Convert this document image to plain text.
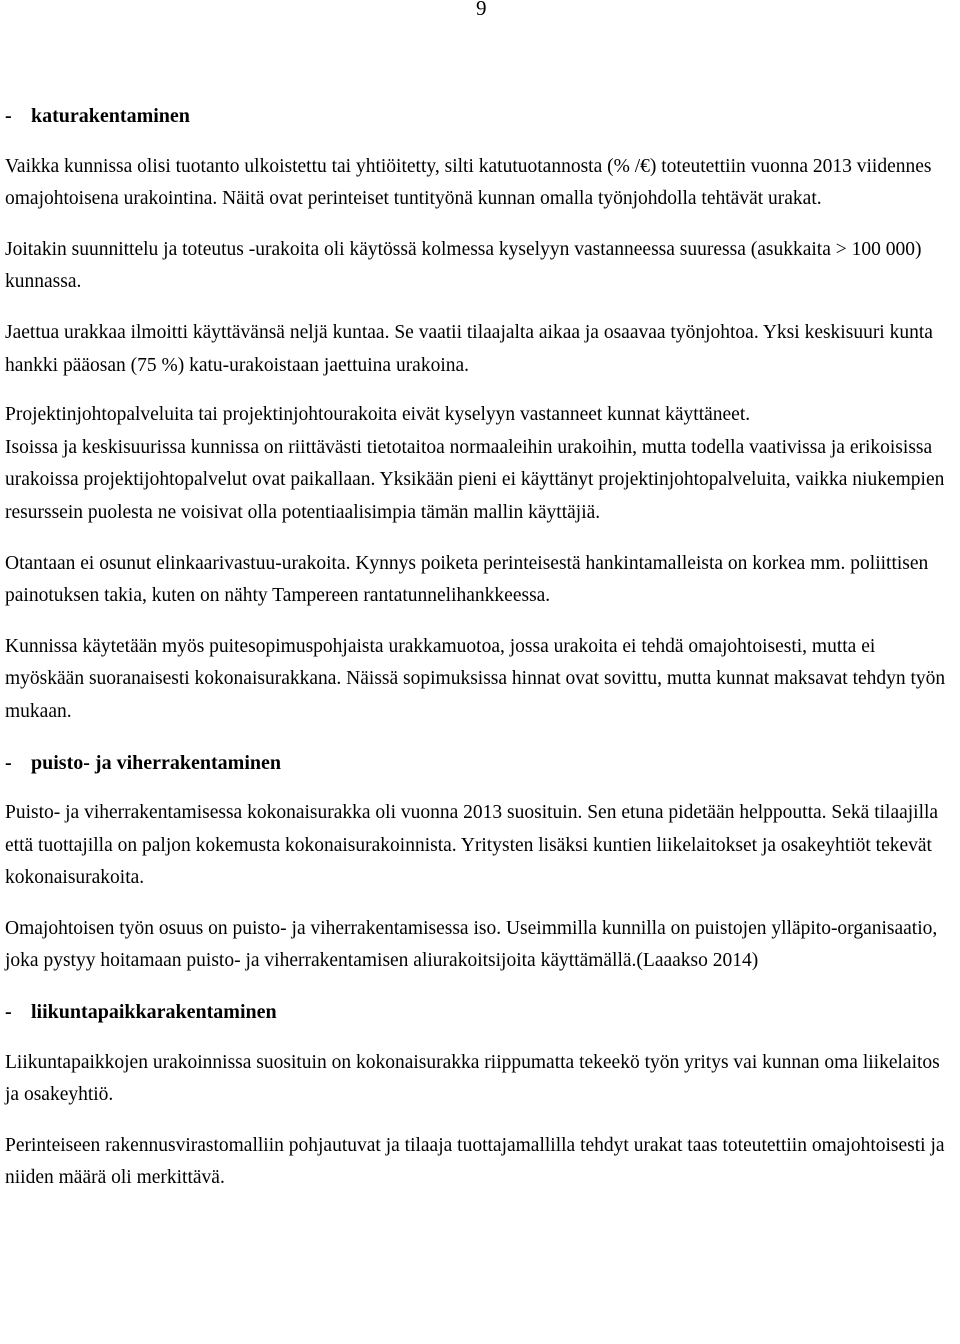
9

- katurakentaminen

Vaikka kunnissa olisi tuotanto ulkoistettu tai yhtiöitetty, silti katutuotannosta (% /€) toteutettiin vuonna 2013 viidennes omajohtoisena urakointina. Näitä ovat perinteiset tuntityönä kunnan omalla työnjohdolla tehtävät urakat.

Joitakin suunnittelu ja toteutus -urakoita oli käytössä kolmessa kyselyyn vastanneessa suuressa (asukkaita > 100 000) kunnassa.

Jaettua urakkaa ilmoitti käyttävänsä neljä kuntaa. Se vaatii tilaajalta aikaa ja osaavaa työnjohtoa. Yksi keskisuuri kunta hankki pääosan (75 %) katu-urakoistaan jaettuina urakoina.

Projektinjohtopalveluita tai projektinjohtourakoita eivät kyselyyn vastanneet kunnat käyttäneet.

Isoissa ja keskisuurissa kunnissa on riittävästi tietotaitoa normaaleihin urakoihin, mutta todella vaativissa ja erikoisissa urakoissa projektijohtopalvelut ovat paikallaan. Yksikään pieni ei käyttänyt projektinjohtopalveluita, vaikka niukempien resurssein puolesta ne voisivat olla potentiaalisimpia tämän mallin käyttäjiä.

Otantaan ei osunut elinkaarivastuu-urakoita. Kynnys poiketa perinteisestä hankintamalleista on korkea mm. poliittisen painotuksen takia, kuten on nähty Tampereen rantatunnelihankkeessa.

Kunnissa käytetään myös puitesopimuspohjaista urakkamuotoa, jossa urakoita ei tehdä omajohtoisesti, mutta ei myöskään suoranaisesti kokonaisurakkana. Näissä sopimuksissa hinnat ovat sovittu, mutta kunnat maksavat tehdyn työn mukaan.

- puisto- ja viherrakentaminen

Puisto- ja viherrakentamisessa kokonaisurakka oli vuonna 2013 suosituin. Sen etuna pidetään helppoutta. Sekä tilaajilla että tuottajilla on paljon kokemusta kokonaisurakoinnista. Yritysten lisäksi kuntien liikelaitokset ja osakeyhtiöt tekevät kokonaisurakoita.

Omajohtoisen työn osuus on puisto- ja viherrakentamisessa iso. Useimmilla kunnilla on puistojen ylläpito-organisaatio, joka pystyy hoitamaan puisto- ja viherrakentamisen aliurakoitsijoita käyttämällä.(Laaakso 2014)

- liikuntapaikkarakentaminen

Liikuntapaikkojen urakoinnissa suosituin on kokonaisurakka riippumatta tekeekö työn yritys vai kunnan oma liikelaitos ja osakeyhtiö.

Perinteiseen rakennusvirastomalliin pohjautuvat ja tilaaja tuottajamallilla tehdyt urakat taas toteutettiin omajohtoisesti ja niiden määrä oli merkittävä.
